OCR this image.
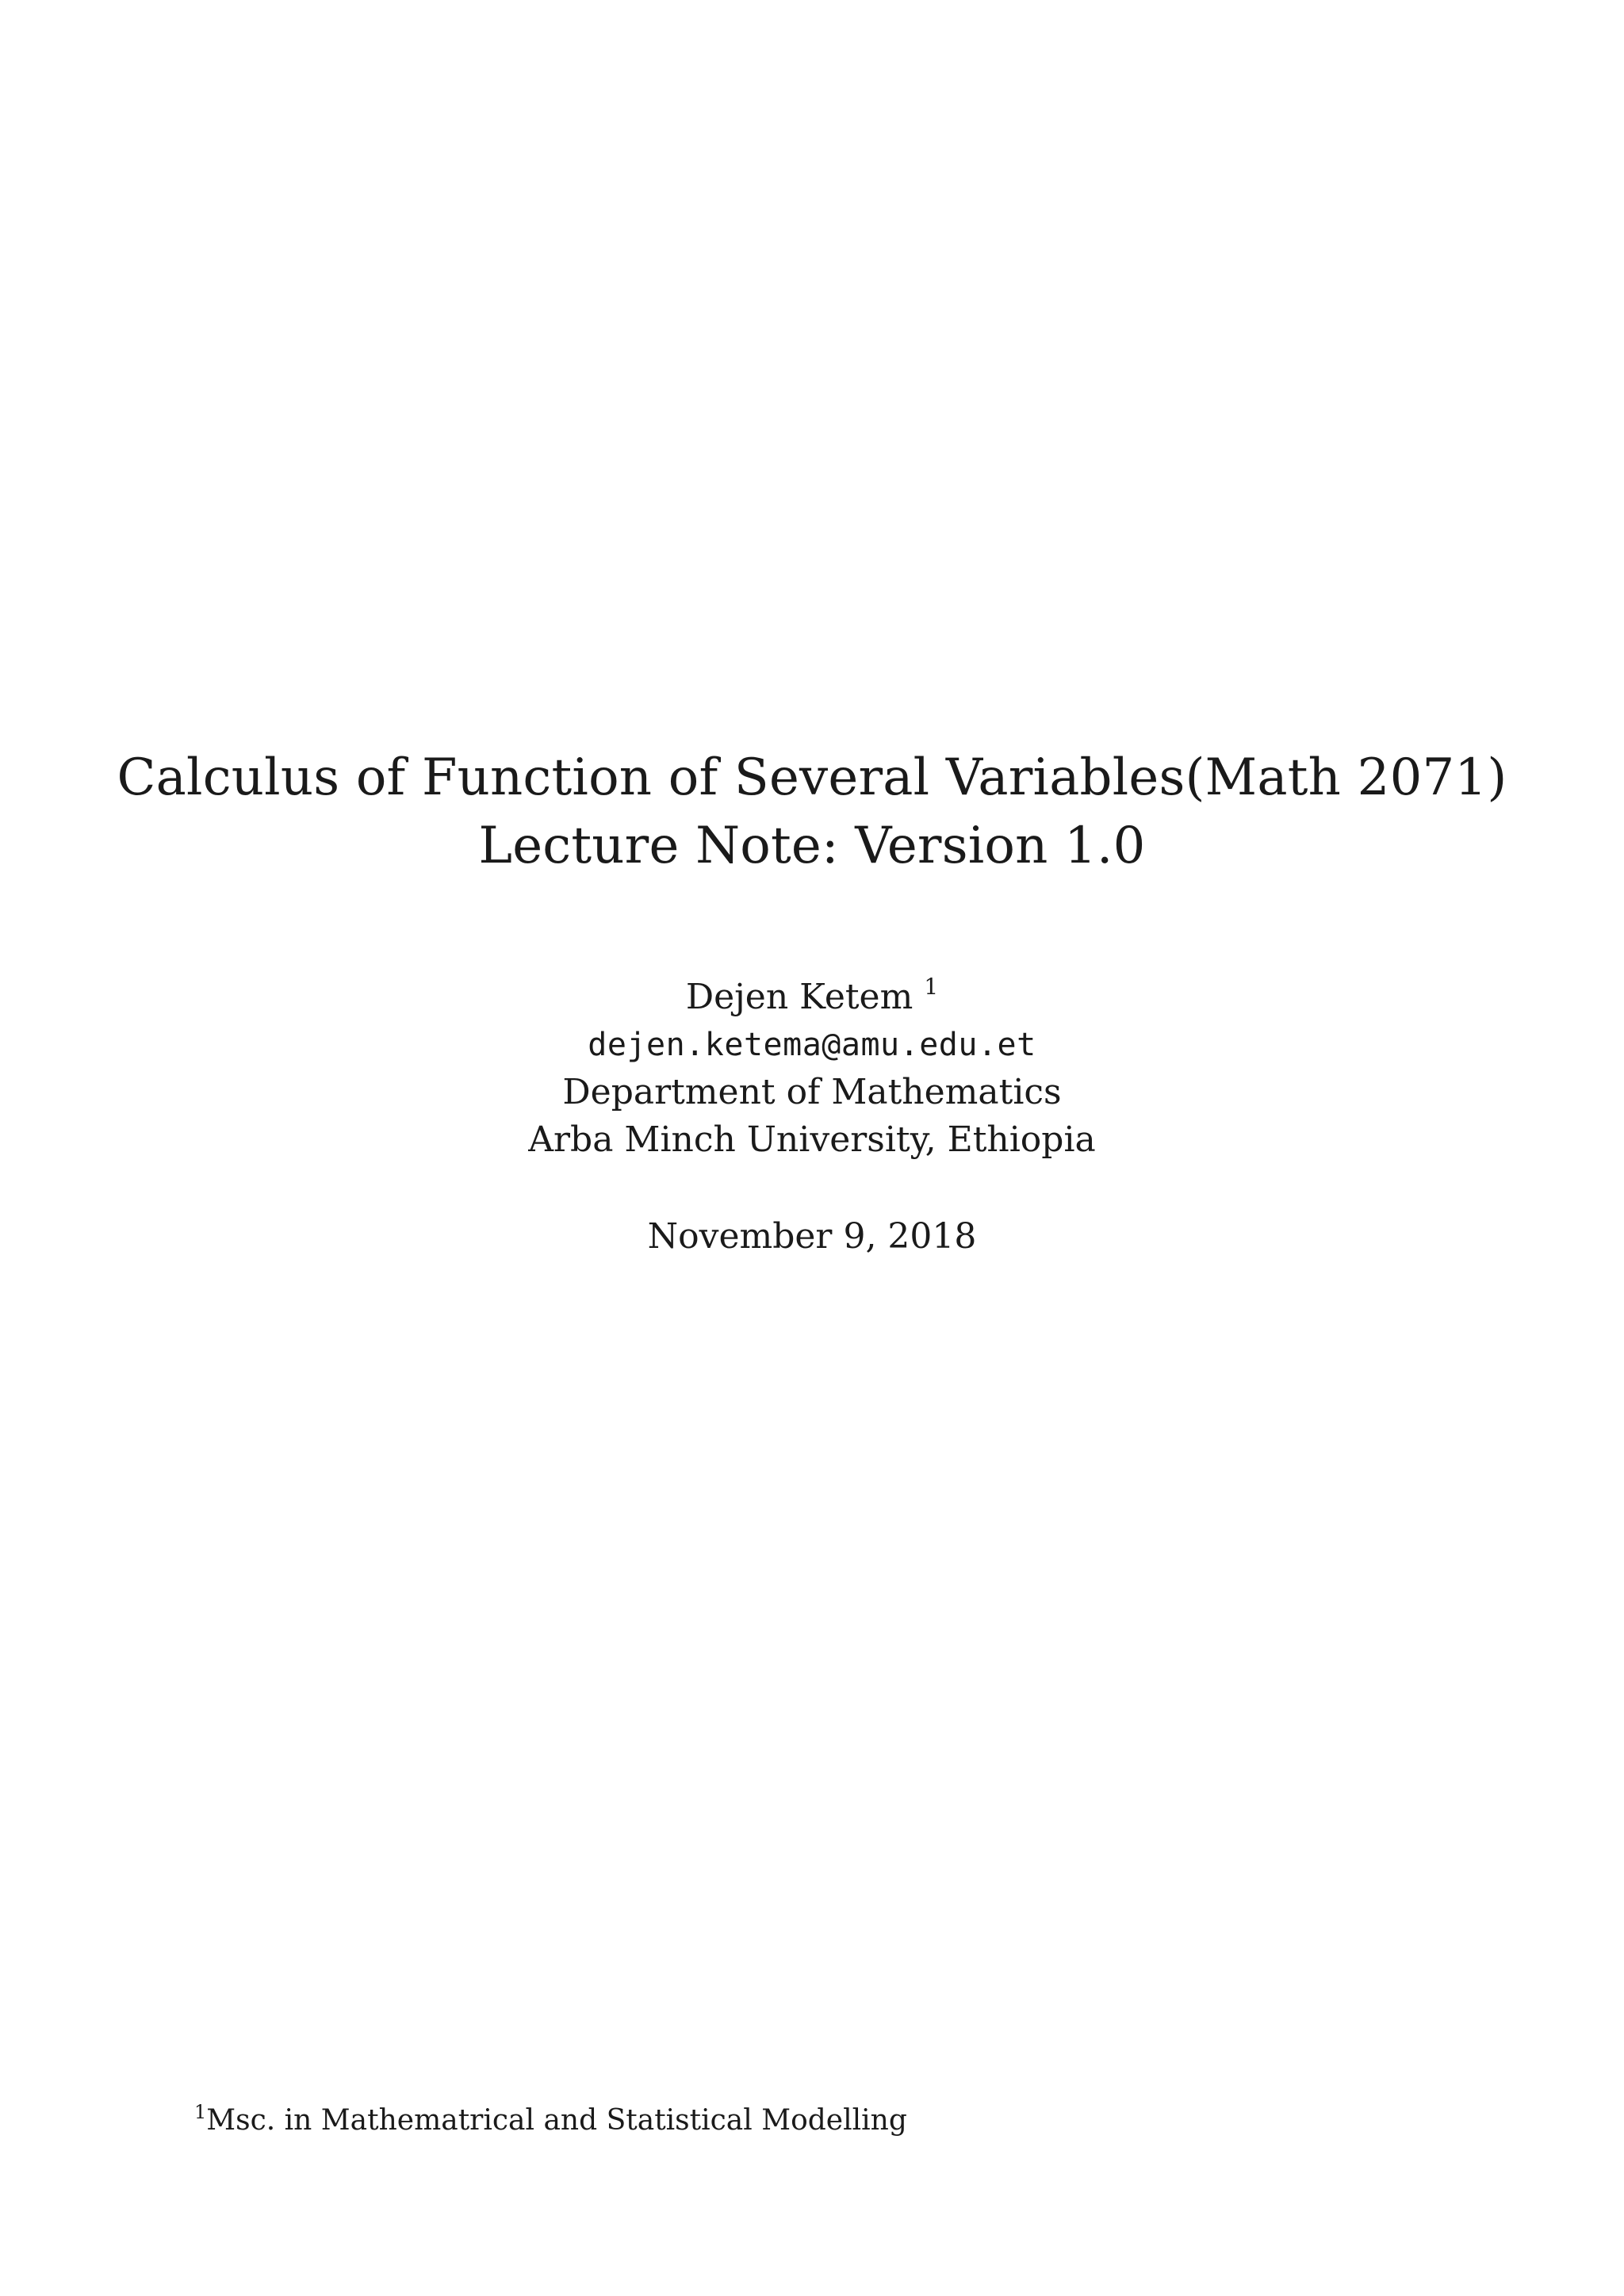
Calculus of Function of Several Variables(Math 2071)
Lecture Note: Version 1.0
Dejen Ketem $^1$
dejen.ketema@amu.edu.et
Department of Mathematics
Arba Minch University, Ethiopia
November 9, 2018
$^1$Msc. in Mathematrical and Statistical Modelling
